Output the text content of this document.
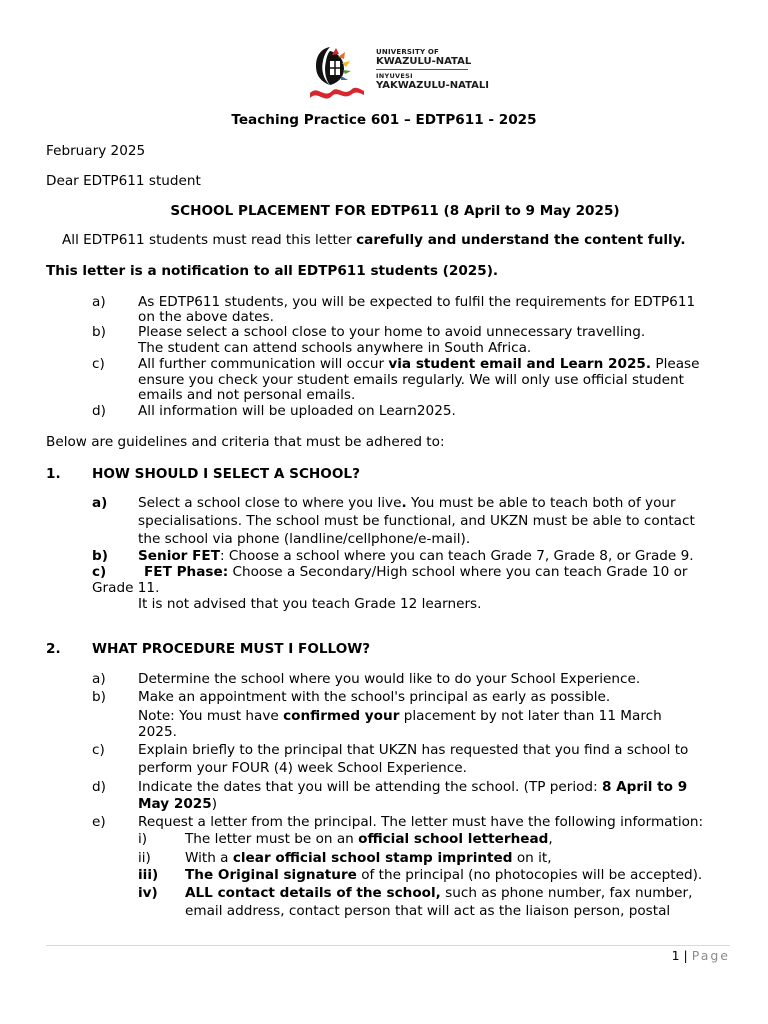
UNIVERSITY OF
KWAZULU-NATAL
INYUVESI
YAKWAZULU-NATALI
Teaching Practice 601 – EDTP611 - 2025
February 2025
Dear EDTP611 student
SCHOOL PLACEMENT FOR EDTP611 (8 April to 9 May 2025)
All EDTP611 students must read this letter carefully and understand the content fully.
This letter is a notification to all EDTP611 students (2025).
a) As EDTP611 students, you will be expected to fulfil the requirements for EDTP611
on the above dates.
b) Please select a school close to your home to avoid unnecessary travelling.
The student can attend schools anywhere in South Africa.
c) All further communication will occur via student email and Learn 2025. Please
ensure you check your student emails regularly. We will only use official student
emails and not personal emails.
d) All information will be uploaded on Learn2025.
Below are guidelines and criteria that must be adhered to:
1. HOW SHOULD I SELECT A SCHOOL?
a) Select a school close to where you live. You must be able to teach both of your
specialisations. The school must be functional, and UKZN must be able to contact
the school via phone (landline/cellphone/e-mail).
b) Senior FET: Choose a school where you can teach Grade 7, Grade 8, or Grade 9.
c)	FET Phase: Choose a Secondary/High school where you can teach Grade 10 or
Grade 11.
It is not advised that you teach Grade 12 learners.
2. WHAT PROCEDURE MUST I FOLLOW?
a) Determine the school where you would like to do your School Experience.
b) Make an appointment with the school's principal as early as possible.
Note: You must have confirmed your placement by not later than 11 March
2025.
c) Explain briefly to the principal that UKZN has requested that you find a school to
perform your FOUR (4) week School Experience.
d) Indicate the dates that you will be attending the school. (TP period: 8 April to 9
May 2025)
e) Request a letter from the principal. The letter must have the following information:
i)	The letter must be on an official school letterhead,
ii)	With a clear official school stamp imprinted on it,
iii) The Original signature of the principal (no photocopies will be accepted).
iv) ALL contact details of the school, such as phone number, fax number,
email address, contact person that will act as the liaison person, postal
1 | Page
